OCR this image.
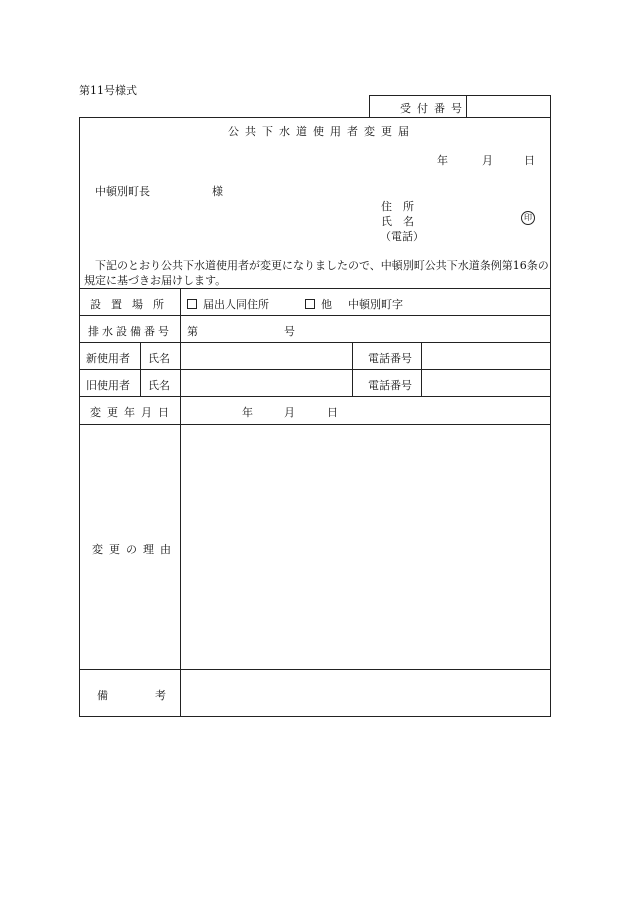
第11号様式
受付番号
公共下水道使用者変更届
年	月	日
中頓別町長	様
住　所
氏　名	印
（電話）
下記のとおり公共下水道使用者が変更になりましたので、中頓別町公共下水道条例第16条の
規定に基づきお届けします。
設置場所	届出人同住所	他 中頓別町字
排水設備番号 第	号
新使用者 氏名	電話番号
旧使用者 氏名	電話番号
変更年月日	年	月	日
変更の理由
備	考
